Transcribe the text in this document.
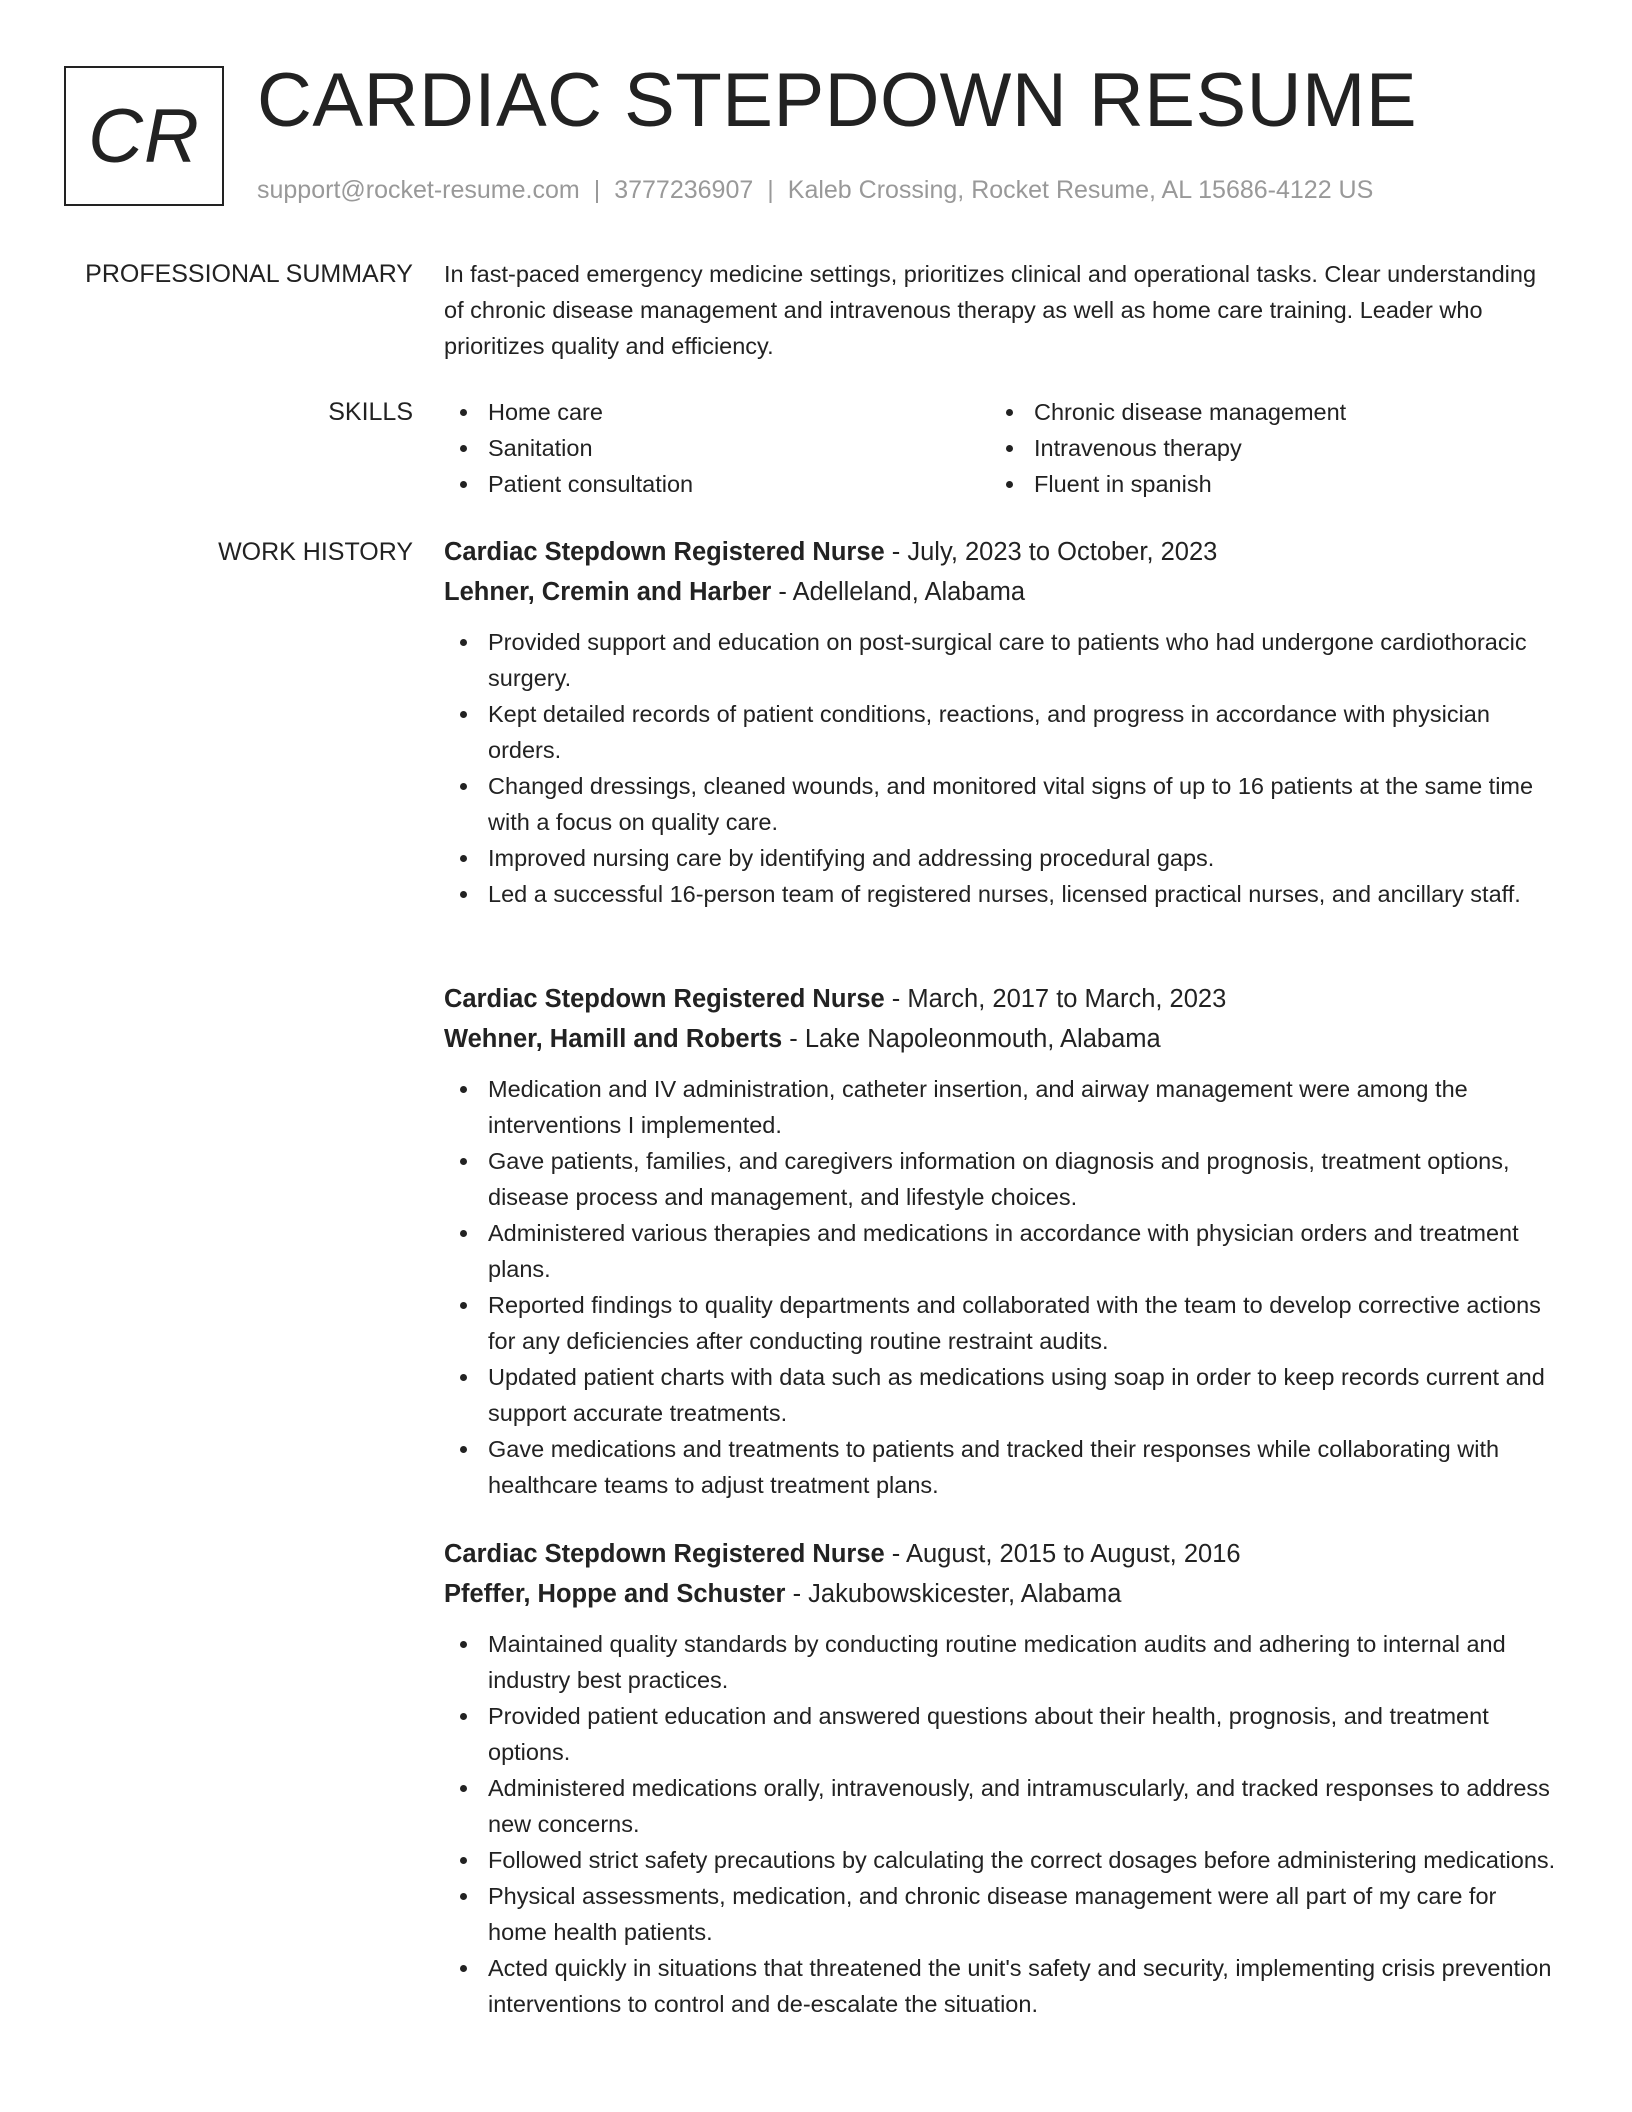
CR CARDIAC STEPDOWN RESUME
support@rocket-resume.com | 3777236907 | Kaleb Crossing, Rocket Resume, AL 15686-4122 US
PROFESSIONAL SUMMARY In fast-paced emergency medicine settings, prioritizes clinical and operational tasks. Clear understanding of chronic disease management and intravenous therapy as well as home care training. Leader who prioritizes quality and efficiency.
SKILLS	Home care
Sanitation
Patient consultation
Chronic disease management
Intravenous therapy
Fluent in spanish
WORK HISTORY Cardiac Stepdown Registered Nurse - July, 2023 to October, 2023
Lehner, Cremin and Harber - Adelleland, Alabama
Provided support and education on post-surgical care to patients who had undergone cardiothoracic surgery.
Kept detailed records of patient conditions, reactions, and progress in accordance with physician orders.
Changed dressings, cleaned wounds, and monitored vital signs of up to 16 patients at the same time with a focus on quality care.
Improved nursing care by identifying and addressing procedural gaps.
Led a successful 16-person team of registered nurses, licensed practical nurses, and ancillary staff.
Cardiac Stepdown Registered Nurse - March, 2017 to March, 2023
Wehner, Hamill and Roberts - Lake Napoleonmouth, Alabama
Medication and IV administration, catheter insertion, and airway management were among the interventions I implemented.
Gave patients, families, and caregivers information on diagnosis and prognosis, treatment options, disease process and management, and lifestyle choices.
Administered various therapies and medications in accordance with physician orders and treatment plans.
Reported findings to quality departments and collaborated with the team to develop corrective actions for any deficiencies after conducting routine restraint audits.
Updated patient charts with data such as medications using soap in order to keep records current and support accurate treatments.
Gave medications and treatments to patients and tracked their responses while collaborating with healthcare teams to adjust treatment plans.
Cardiac Stepdown Registered Nurse - August, 2015 to August, 2016
Pfeffer, Hoppe and Schuster - Jakubowskicester, Alabama
Maintained quality standards by conducting routine medication audits and adhering to internal and industry best practices.
Provided patient education and answered questions about their health, prognosis, and treatment options.
Administered medications orally, intravenously, and intramuscularly, and tracked responses to address new concerns.
Followed strict safety precautions by calculating the correct dosages before administering medications.
Physical assessments, medication, and chronic disease management were all part of my care for home health patients.
Acted quickly in situations that threatened the unit's safety and security, implementing crisis prevention interventions to control and de-escalate the situation.
